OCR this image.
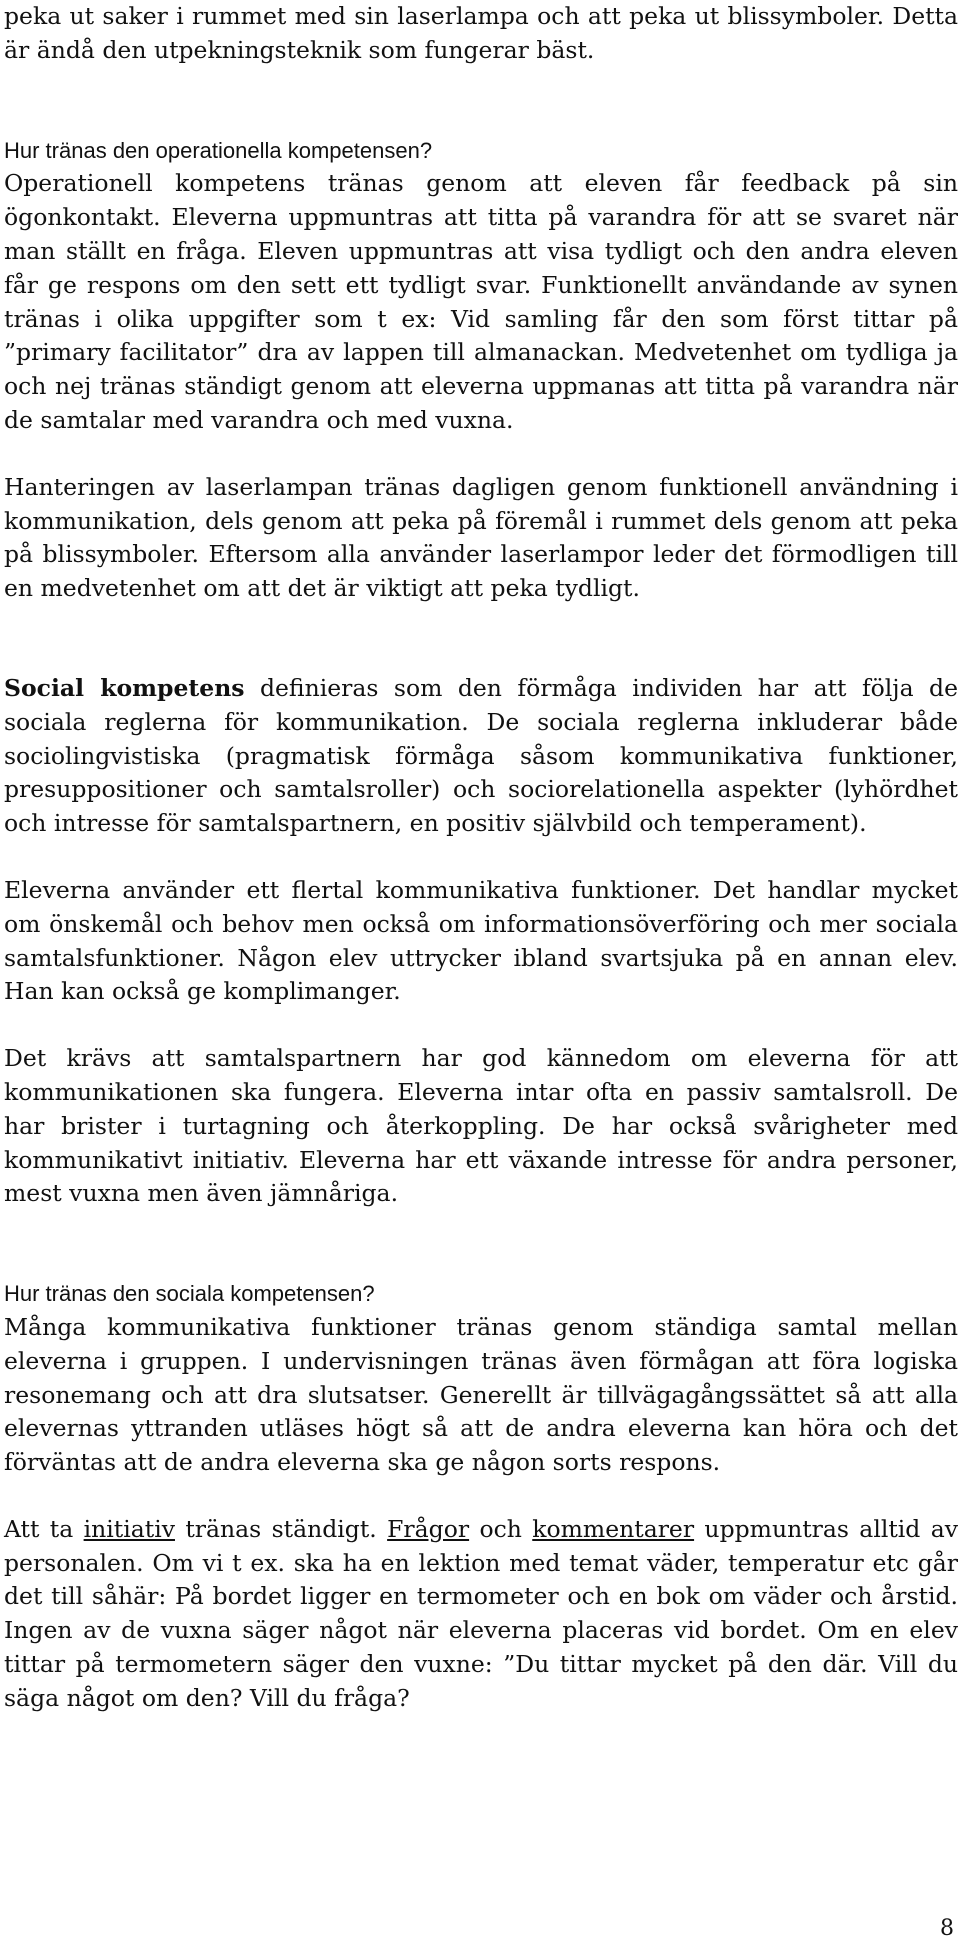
peka ut saker i rummet med sin laserlampa och att peka ut blissymboler. Detta är ändå den utpekningsteknik som fungerar bäst.

Hur tränas den operationella kompetensen?

Operationell kompetens tränas genom att eleven får feedback på sin ögonkontakt. Eleverna uppmuntras att titta på varandra för att se svaret när man ställt en fråga. Eleven uppmuntras att visa tydligt och den andra eleven får ge respons om den sett ett tydligt svar. Funktionellt användande av synen tränas i olika uppgifter som t ex: Vid samling får den som först tittar på ”primary facilitator” dra av lappen till almanackan. Medvetenhet om tydliga ja och nej tränas ständigt genom att eleverna uppmanas att titta på varandra när de samtalar med varandra och med vuxna.

Hanteringen av laserlampan tränas dagligen genom funktionell användning i kommunikation, dels genom att peka på föremål i rummet dels genom att peka på blissymboler. Eftersom alla använder laserlampor leder det förmodligen till en medvetenhet om att det är viktigt att peka tydligt.

Social kompetens definieras som den förmåga individen har att följa de sociala reglerna för kommunikation. De sociala reglerna inkluderar både sociolingvistiska (pragmatisk förmåga såsom kommunikativa funktioner, presuppositioner och samtalsroller) och sociorelationella aspekter (lyhördhet och intresse för samtalspartnern, en positiv självbild och temperament).

Eleverna använder ett flertal kommunikativa funktioner. Det handlar mycket om önskemål och behov men också om informationsöverföring och mer sociala samtalsfunktioner. Någon elev uttrycker ibland svartsjuka på en annan elev. Han kan också ge komplimanger.

Det krävs att samtalspartnern har god kännedom om eleverna för att kommunikationen ska fungera. Eleverna intar ofta en passiv samtalsroll. De har brister i turtagning och återkoppling. De har också svårigheter med kommunikativt initiativ. Eleverna har ett växande intresse för andra personer, mest vuxna men även jämnåriga.

Hur tränas den sociala kompetensen?

Många kommunikativa funktioner tränas genom ständiga samtal mellan eleverna i gruppen. I undervisningen tränas även förmågan att föra logiska resonemang och att dra slutsatser. Generellt är tillvägagångssättet så att alla elevernas yttranden utläses högt så att de andra eleverna kan höra och det förväntas att de andra eleverna ska ge någon sorts respons.

Att ta initiativ tränas ständigt. Frågor och kommentarer uppmuntras alltid av personalen. Om vi t ex. ska ha en lektion med temat väder, temperatur etc går det till såhär: På bordet ligger en termometer och en bok om väder och årstid. Ingen av de vuxna säger något när eleverna placeras vid bordet. Om en elev tittar på termometern säger den vuxne: ”Du tittar mycket på den där. Vill du säga något om den? Vill du fråga?

8
